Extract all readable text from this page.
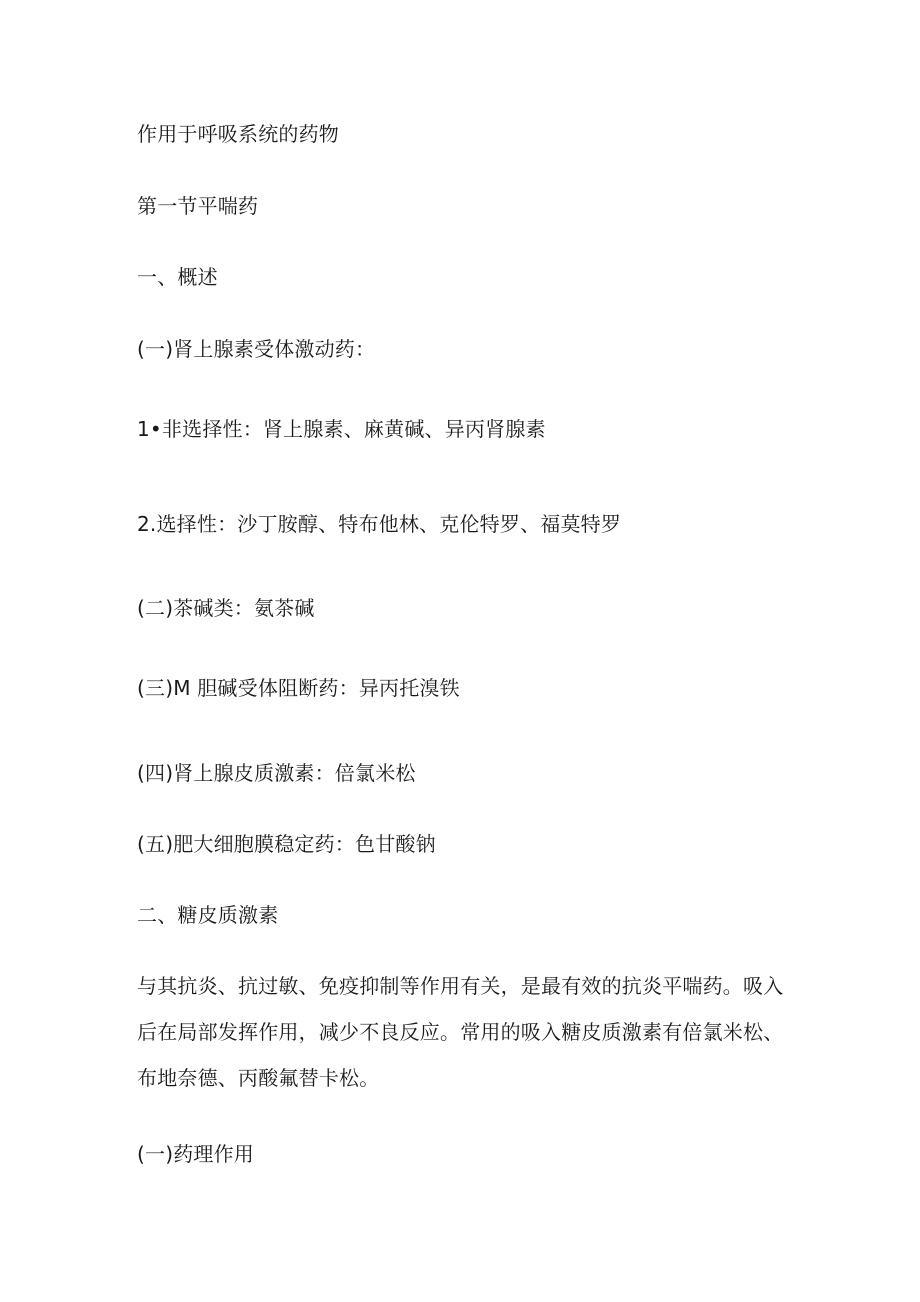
作用于呼吸系统的药物
第一节平喘药
一、概述
(一)肾上腺素受体激动药：
1•非选择性：肾上腺素、麻黄碱、异丙肾腺素
2.选择性：沙丁胺醇、特布他林、克伦特罗、福莫特罗
(二)茶碱类：氨茶碱
(三)M 胆碱受体阻断药：异丙托溴铁
(四)肾上腺皮质激素：倍氯米松
(五)肥大细胞膜稳定药：色甘酸钠
二、糖皮质激素
与其抗炎、抗过敏、免疫抑制等作用有关，是最有效的抗炎平喘药。吸入
后在局部发挥作用，减少不良反应。常用的吸入糖皮质激素有倍氯米松、
布地奈德、丙酸氟替卡松。
(一)药理作用
